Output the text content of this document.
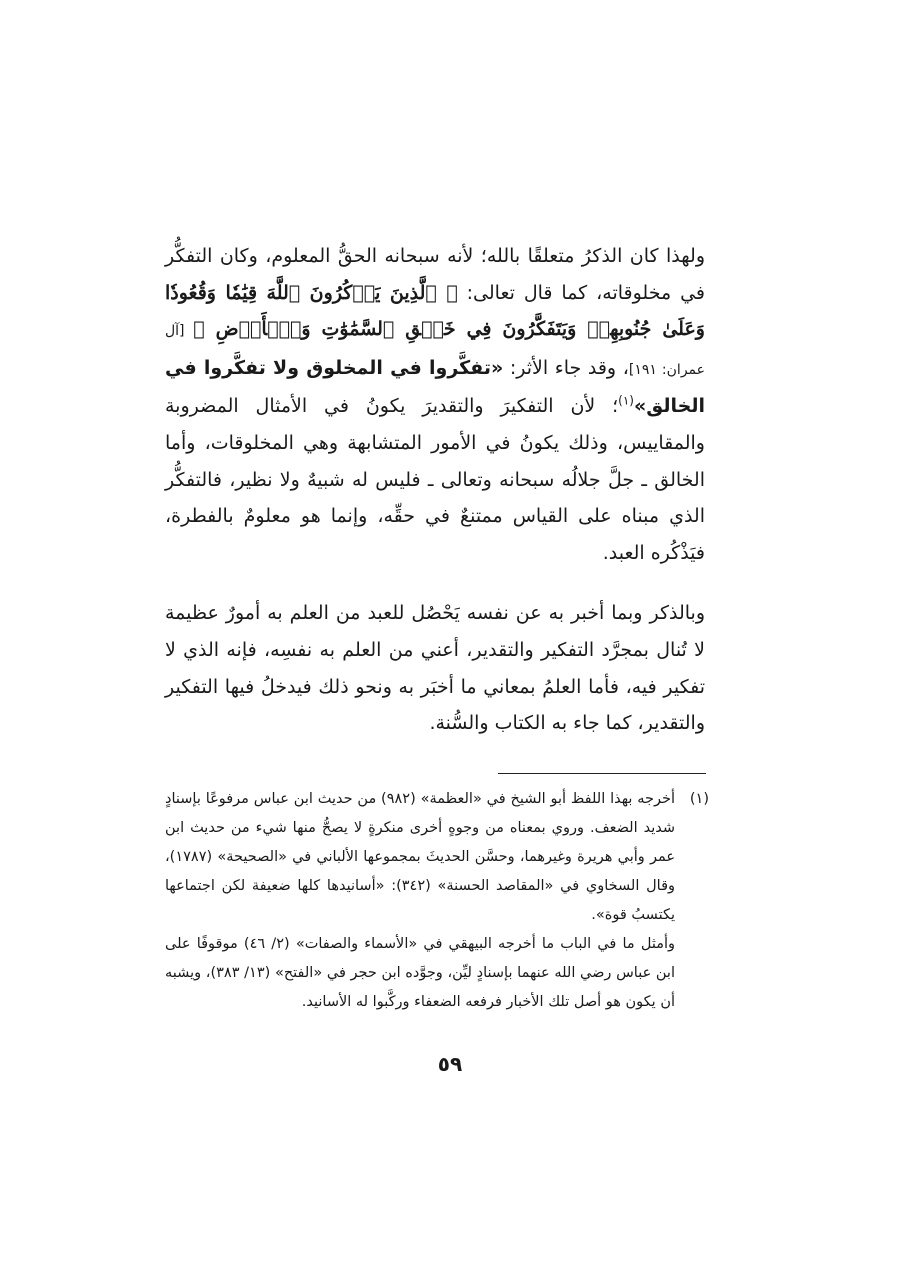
ولهذا كان الذكرُ متعلقًا بالله؛ لأنه سبحانه الحقُّ المعلوم، وكان التفكُّر في مخلوقاته، كما قال تعالى: ﴿ ٱلَّذِينَ يَذۡكُرُونَ ٱللَّهَ قِيَٰمٗا وَقُعُودٗا وَعَلَىٰ جُنُوبِهِمۡ وَيَتَفَكَّرُونَ فِي خَلۡقِ ٱلسَّمَٰوَٰتِ وَٱلۡأَرۡضِ ﴾ [آل عمران: ١٩١]، وقد جاء الأثر: «تفكَّروا في المخلوق ولا تفكَّروا في الخالق»$^{(١)}$؛ لأن التفكيرَ والتقديرَ يكونُ في الأمثال المضروبة والمقاييس، وذلك يكونُ في الأمور المتشابهة وهي المخلوقات، وأما الخالق ـ جلَّ جلالُه سبحانه وتعالى ـ فليس له شبيهٌ ولا نظير، فالتفكُّر الذي مبناه على القياس ممتنعٌ في حقِّه، وإنما هو معلومٌ بالفطرة، فيَذْكُره العبد.

وبالذكر وبما أخبر به عن نفسه يَحْصُل للعبد من العلم به أمورٌ عظيمة لا تُنال بمجرَّد التفكير والتقدير، أعني من العلم به نفسِه، فإنه الذي لا تفكير فيه، فأما العلمُ بمعاني ما أخبَر به ونحو ذلك فيدخلُ فيها التفكير والتقدير، كما جاء به الكتاب والسُّنة.

(١)
أخرجه بهذا اللفظ أبو الشيخ في «العظمة» (٩٨٢) من حديث ابن عباس مرفوعًا بإسنادٍ شديد الضعف. وروي بمعناه من وجوهٍ أخرى منكرةٍ لا يصحُّ منها شيء من حديث ابن عمر وأبي هريرة وغيرهما، وحسَّن الحديثَ بمجموعها الألباني في «الصحيحة» (١٧٨٧)، وقال السخاوي في «المقاصد الحسنة» (٣٤٢): «أسانيدها كلها ضعيفة لكن اجتماعها يكتسبُ قوة».

وأمثل ما في الباب ما أخرجه البيهقي في «الأسماء والصفات» (٢/ ٤٦) موقوفًا على ابن عباس رضي الله عنهما بإسنادٍ ليِّن، وجوَّده ابن حجر في «الفتح» (١٣/ ٣٨٣)، ويشبه أن يكون هو أصل تلك الأخبار فرفعه الضعفاء وركَّبوا له الأسانيد.

٥٩
